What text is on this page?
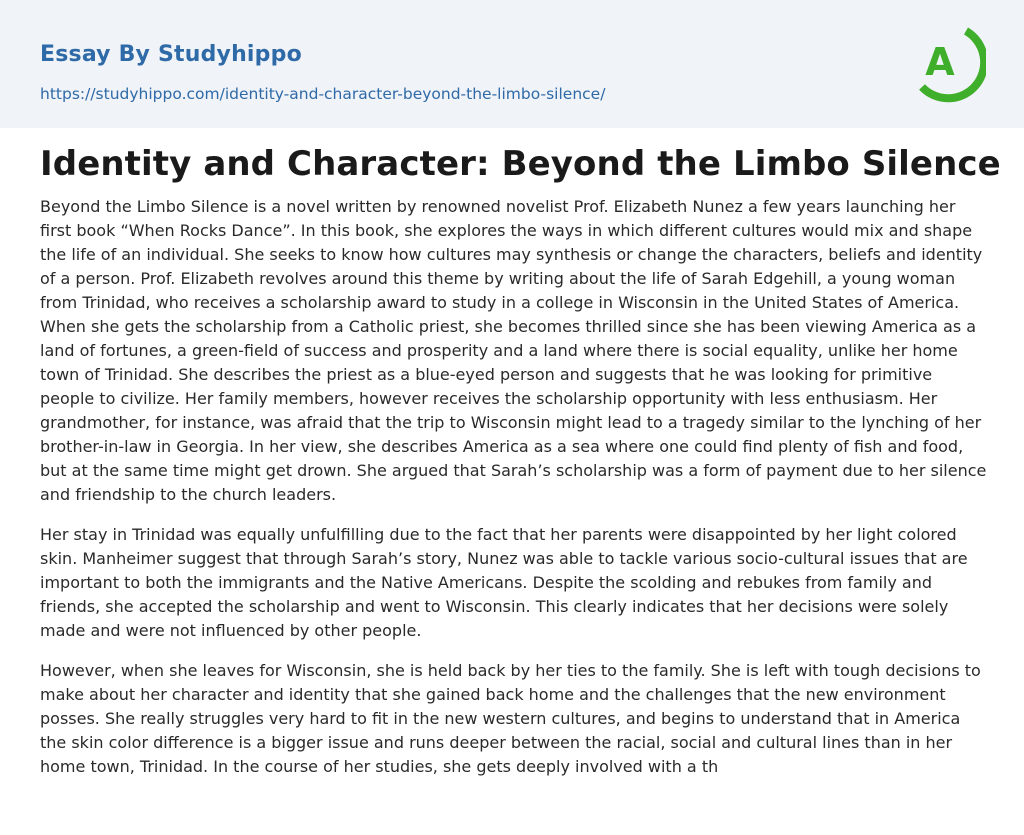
Essay By Studyhippo
https://studyhippo.com/identity-and-character-beyond-the-limbo-silence/
A
Identity and Character: Beyond the Limbo Silence

Beyond the Limbo Silence is a novel written by renowned novelist Prof. Elizabeth Nunez a few years launching her first book “When Rocks Dance”. In this book, she explores the ways in which different cultures would mix and shape the life of an individual. She seeks to know how cultures may synthesis or change the characters, beliefs and identity of a person. Prof. Elizabeth revolves around this theme by writing about the life of Sarah Edgehill, a young woman from Trinidad, who receives a scholarship award to study in a college in Wisconsin in the United States of America. When she gets the scholarship from a Catholic priest, she becomes thrilled since she has been viewing America as a land of fortunes, a green-field of success and prosperity and a land where there is social equality, unlike her home town of Trinidad. She describes the priest as a blue-eyed person and suggests that he was looking for primitive people to civilize. Her family members, however receives the scholarship opportunity with less enthusiasm. Her grandmother, for instance, was afraid that the trip to Wisconsin might lead to a tragedy similar to the lynching of her brother-in-law in Georgia. In her view, she describes America as a sea where one could find plenty of fish and food, but at the same time might get drown. She argued that Sarah’s scholarship was a form of payment due to her silence and friendship to the church leaders.

Her stay in Trinidad was equally unfulfilling due to the fact that her parents were disappointed by her light colored skin. Manheimer suggest that through Sarah’s story, Nunez was able to tackle various socio-cultural issues that are important to both the immigrants and the Native Americans. Despite the scolding and rebukes from family and friends, she accepted the scholarship and went to Wisconsin. This clearly indicates that her decisions were solely made and were not influenced by other people.

However, when she leaves for Wisconsin, she is held back by her ties to the family. She is left with tough decisions to make about her character and identity that she gained back home and the challenges that the new environment posses. She really struggles very hard to fit in the new western cultures, and begins to understand that in America the skin color difference is a bigger issue and runs deeper between the racial, social and cultural lines than in her home town, Trinidad. In the course of her studies, she gets deeply involved with a th
